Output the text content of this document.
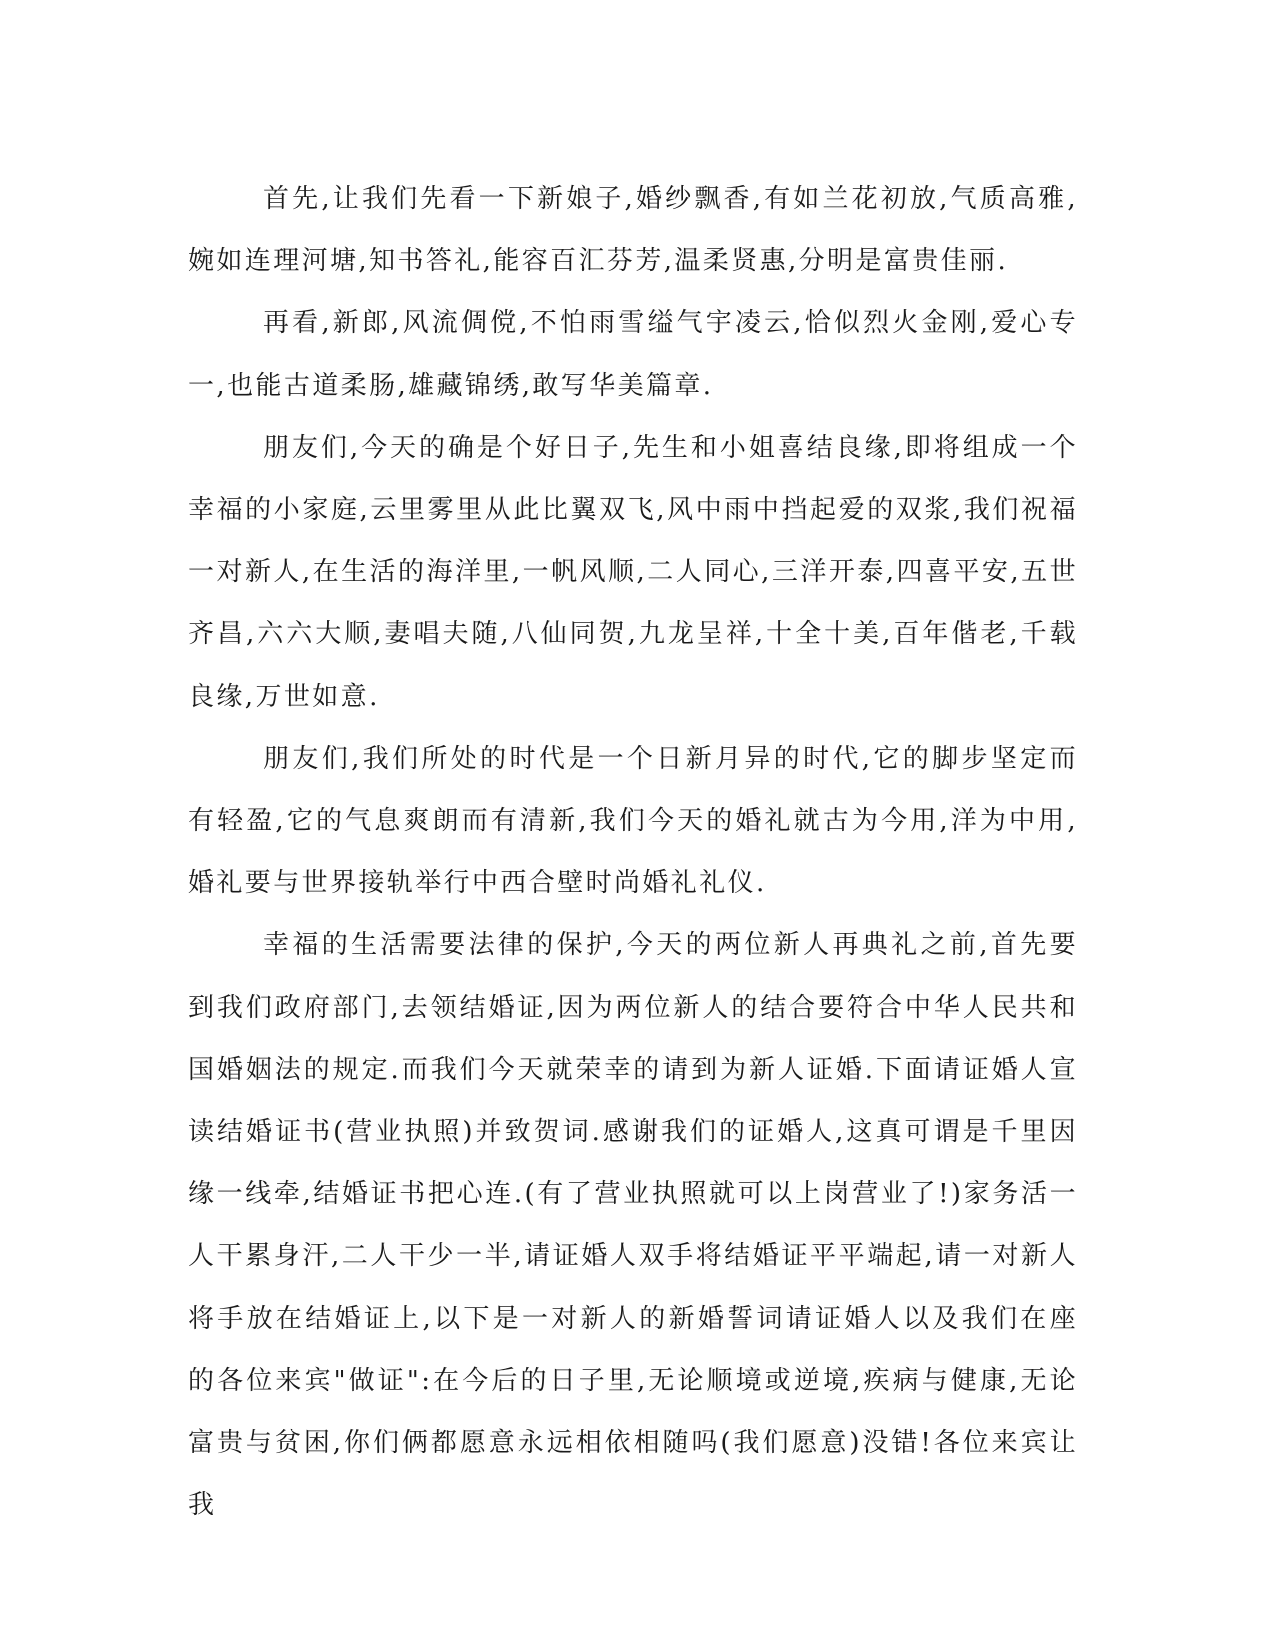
首先,让我们先看一下新娘子,婚纱飘香,有如兰花初放,气质高雅,婉如连理河塘,知书答礼,能容百汇芬芳,温柔贤惠,分明是富贵佳丽.

再看,新郎,风流倜傥,不怕雨雪缢气宇凌云,恰似烈火金刚,爱心专一,也能古道柔肠,雄藏锦绣,敢写华美篇章.

朋友们,今天的确是个好日子,先生和小姐喜结良缘,即将组成一个幸福的小家庭,云里雾里从此比翼双飞,风中雨中挡起爱的双浆,我们祝福一对新人,在生活的海洋里,一帆风顺,二人同心,三洋开泰,四喜平安,五世齐昌,六六大顺,妻唱夫随,八仙同贺,九龙呈祥,十全十美,百年偕老,千载良缘,万世如意.

朋友们,我们所处的时代是一个日新月异的时代,它的脚步坚定而有轻盈,它的气息爽朗而有清新,我们今天的婚礼就古为今用,洋为中用,婚礼要与世界接轨举行中西合壁时尚婚礼礼仪.

幸福的生活需要法律的保护,今天的两位新人再典礼之前,首先要到我们政府部门,去领结婚证,因为两位新人的结合要符合中华人民共和国婚姻法的规定.而我们今天就荣幸的请到为新人证婚.下面请证婚人宣读结婚证书(营业执照)并致贺词.感谢我们的证婚人,这真可谓是千里因缘一线牵,结婚证书把心连.(有了营业执照就可以上岗营业了!)家务活一人干累身汗,二人干少一半,请证婚人双手将结婚证平平端起,请一对新人将手放在结婚证上,以下是一对新人的新婚誓词请证婚人以及我们在座的各位来宾"做证":在今后的日子里,无论顺境或逆境,疾病与健康,无论富贵与贫困,你们俩都愿意永远相依相随吗(我们愿意)没错!各位来宾让我
